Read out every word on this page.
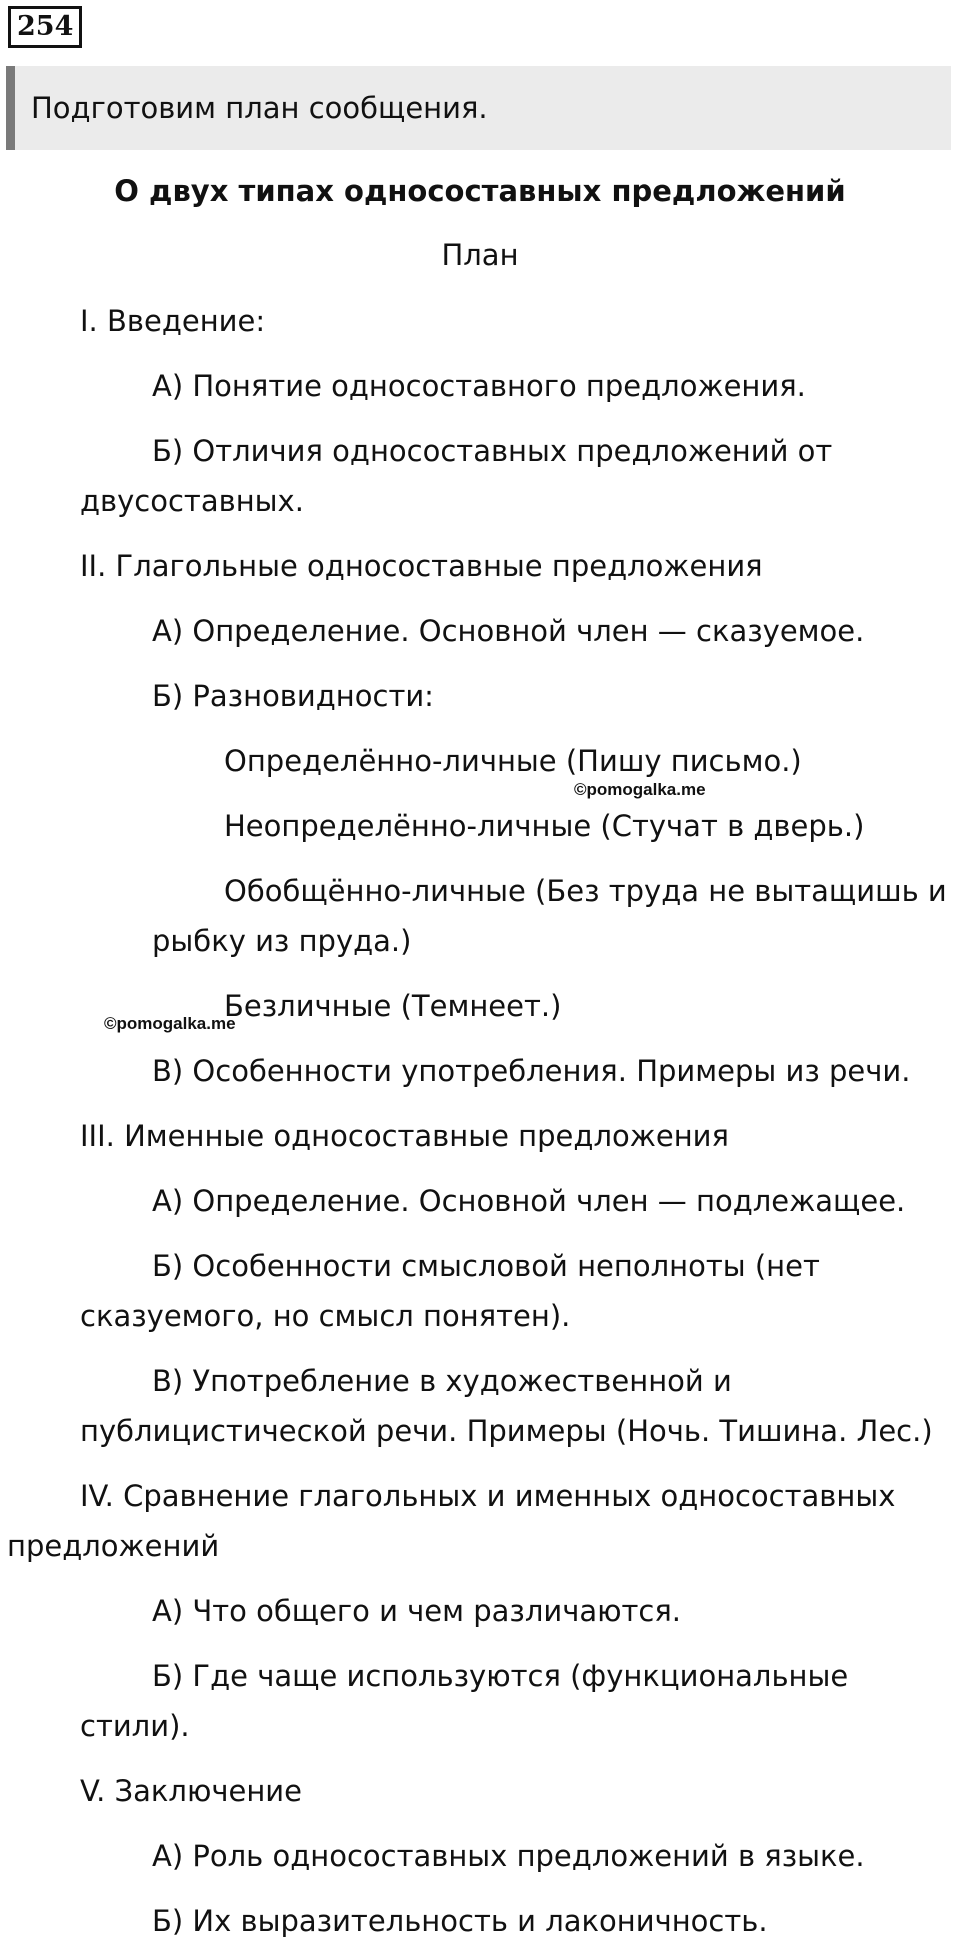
254
Подготовим план сообщения.
О двух типах односоставных предложений
План
I. Введение:
А) Понятие односоставного предложения.
Б) Отличия односоставных предложений от
двусоставных.
II. Глагольные односоставные предложения
А) Определение. Основной член — сказуемое.
Б) Разновидности:
Определённо-личные (Пишу письмо.)
Неопределённо-личные (Стучат в дверь.)
Обобщённо-личные (Без труда не вытащишь и
рыбку из пруда.)
Безличные (Темнеет.)
В) Особенности употребления. Примеры из речи.
III. Именные односоставные предложения
А) Определение. Основной член — подлежащее.
Б) Особенности смысловой неполноты (нет
сказуемого, но смысл понятен).
В) Употребление в художественной и
публицистической речи. Примеры (Ночь. Тишина. Лес.)
IV. Сравнение глагольных и именных односоставных
предложений
А) Что общего и чем различаются.
Б) Где чаще используются (функциональные
стили).
V. Заключение
А) Роль односоставных предложений в языке.
Б) Их выразительность и лаконичность.
©pomogalka.me
©pomogalka.me
